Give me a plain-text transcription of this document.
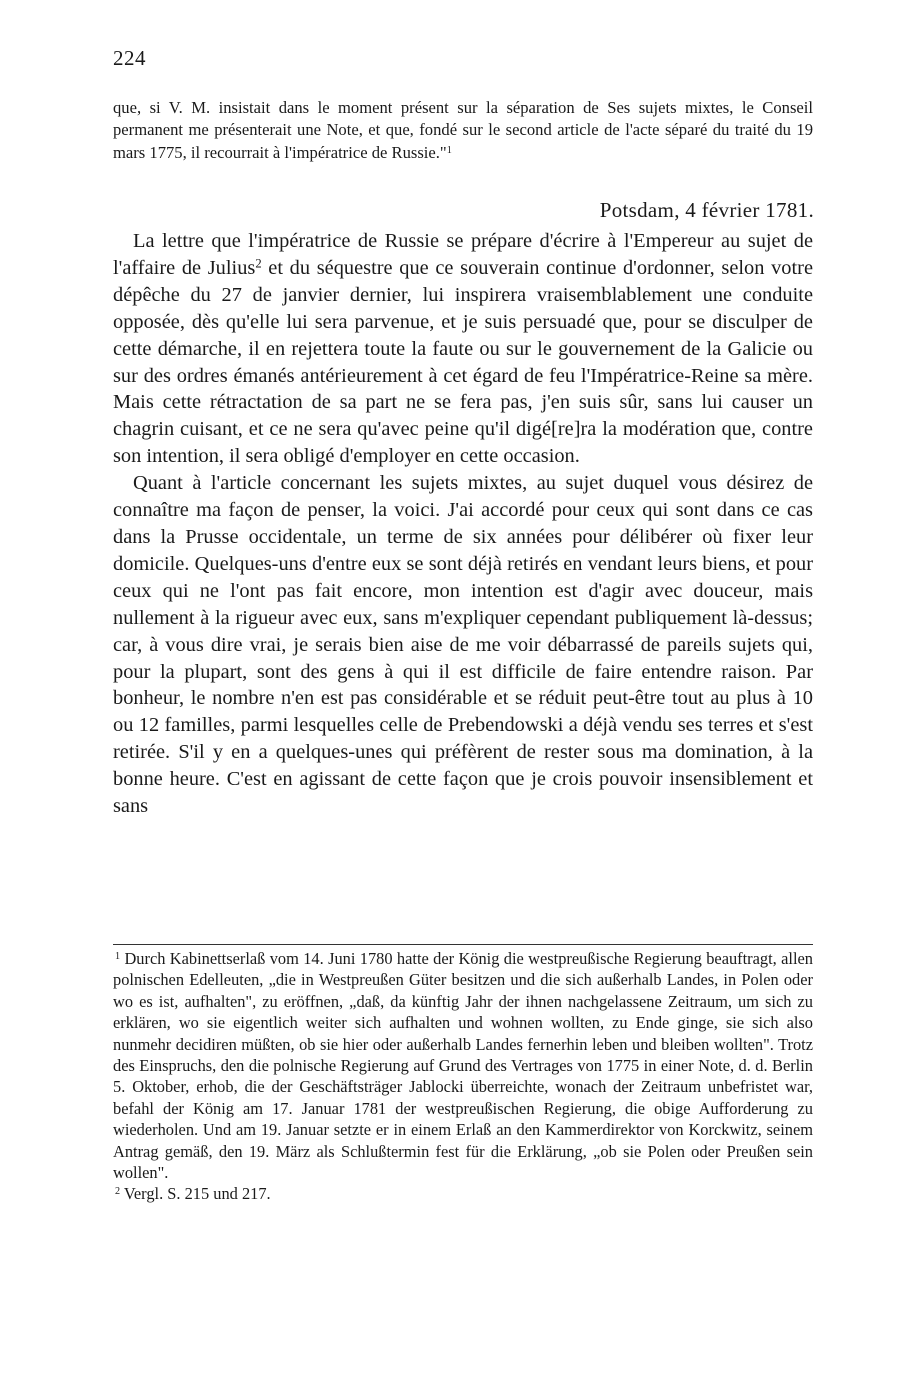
224

que, si V. M. insistait dans le moment présent sur la séparation de Ses sujets mixtes, le Conseil permanent me présenterait une Note, et que, fondé sur le second article de l'acte séparé du traité du 19 mars 1775, il recourrait à l'impératrice de Russie."$^1$

Potsdam, 4 février 1781.

La lettre que l'impératrice de Russie se prépare d'écrire à l'Empereur au sujet de l'affaire de Julius$^2$ et du séquestre que ce souverain continue d'ordonner, selon votre dépêche du 27 de janvier dernier, lui inspirera vraisemblablement une conduite opposée, dès qu'elle lui sera parvenue, et je suis persuadé que, pour se disculper de cette démarche, il en rejettera toute la faute ou sur le gouvernement de la Galicie ou sur des ordres émanés antérieurement à cet égard de feu l'Impératrice-Reine sa mère. Mais cette rétractation de sa part ne se fera pas, j'en suis sûr, sans lui causer un chagrin cuisant, et ce ne sera qu'avec peine qu'il digé[re]ra la modération que, contre son intention, il sera obligé d'employer en cette occasion.

Quant à l'article concernant les sujets mixtes, au sujet duquel vous désirez de connaître ma façon de penser, la voici. J'ai accordé pour ceux qui sont dans ce cas dans la Prusse occidentale, un terme de six années pour délibérer où fixer leur domicile. Quelques-uns d'entre eux se sont déjà retirés en vendant leurs biens, et pour ceux qui ne l'ont pas fait encore, mon intention est d'agir avec douceur, mais nullement à la rigueur avec eux, sans m'expliquer cependant publiquement là-dessus; car, à vous dire vrai, je serais bien aise de me voir débarrassé de pareils sujets qui, pour la plupart, sont des gens à qui il est difficile de faire entendre raison. Par bonheur, le nombre n'en est pas considérable et se réduit peut-être tout au plus à 10 ou 12 familles, parmi lesquelles celle de Prebendowski a déjà vendu ses terres et s'est retirée. S'il y en a quelques-unes qui préfèrent de rester sous ma domination, à la bonne heure. C'est en agissant de cette façon que je crois pouvoir insensiblement et sans

$^1$ Durch Kabinettserlaß vom 14. Juni 1780 hatte der König die westpreußische Regierung beauftragt, allen polnischen Edelleuten, „die in Westpreußen Güter besitzen und die sich außerhalb Landes, in Polen oder wo es ist, aufhalten", zu eröffnen, „daß, da künftig Jahr der ihnen nachgelassene Zeitraum, um sich zu erklären, wo sie eigentlich weiter sich aufhalten und wohnen wollten, zu Ende ginge, sie sich also nunmehr decidiren müßten, ob sie hier oder außerhalb Landes fernerhin leben und bleiben wollten". Trotz des Einspruchs, den die polnische Regierung auf Grund des Vertrages von 1775 in einer Note, d. d. Berlin 5. Oktober, erhob, die der Geschäftsträger Jablocki überreichte, wonach der Zeitraum unbefristet war, befahl der König am 17. Januar 1781 der westpreußischen Regierung, die obige Aufforderung zu wiederholen. Und am 19. Januar setzte er in einem Erlaß an den Kammerdirektor von Korckwitz, seinem Antrag gemäß, den 19. März als Schlußtermin fest für die Erklärung, „ob sie Polen oder Preußen sein wollen".

$^2$ Vergl. S. 215 und 217.
